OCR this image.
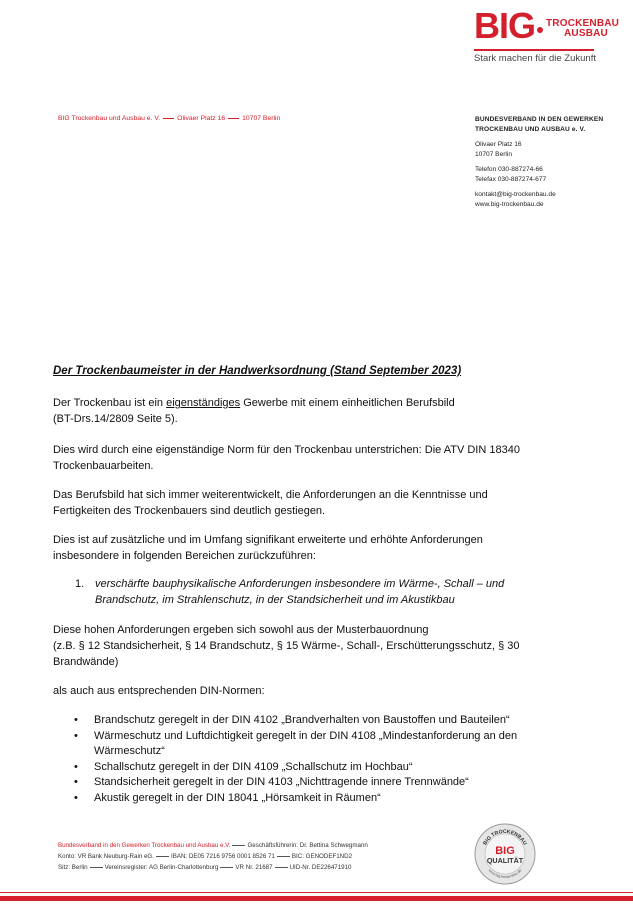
BIG TROCKENBAU
AUSBAU
Stark machen für die Zukunft
BIG Trockenbau und Ausbau e. V.	Olivaer Platz 16	10707 Berlin	BUNDESVERBAND IN DEN GEWERKEN
TROCKENBAU UND AUSBAU e. V.
Olivaer Platz 16
10707 Berlin
Telefon 030-887274-66
Telefax 030-887274-677
kontakt@big-trockenbau.de
www.big-trockenbau.de
Der Trockenbaumeister in der Handwerksordnung (Stand September 2023)
Der Trockenbau ist ein eigenständiges Gewerbe mit einem einheitlichen Berufsbild
(BT-Drs.14/2809 Seite 5).
Dies wird durch eine eigenständige Norm für den Trockenbau unterstrichen: Die ATV DIN 18340
Trockenbauarbeiten.
Das Berufsbild hat sich immer weiterentwickelt, die Anforderungen an die Kenntnisse und
Fertigkeiten des Trockenbauers sind deutlich gestiegen.
Dies ist auf zusätzliche und im Umfang signifikant erweiterte und erhöhte Anforderungen
insbesondere in folgenden Bereichen zurückzuführen:
1. verschärfte bauphysikalische Anforderungen insbesondere im Wärme-, Schall – und
Brandschutz, im Strahlenschutz, in der Standsicherheit und im Akustikbau
Diese hohen Anforderungen ergeben sich sowohl aus der Musterbauordnung
(z.B. § 12 Standsicherheit, § 14 Brandschutz, § 15 Wärme-, Schall-, Erschütterungsschutz, § 30
Brandwände)
als auch aus entsprechenden DIN-Normen:
• Brandschutz geregelt in der DIN 4102 „Brandverhalten von Baustoffen und Bauteilen“
• Wärmeschutz und Luftdichtigkeit geregelt in der DIN 4108 „Mindestanforderung an den
Wärmeschutz“
• Schallschutz geregelt in der DIN 4109 „Schallschutz im Hochbau“
• Standsicherheit geregelt in der DIN 4103 „Nichttragende innere Trennwände“
• Akustik geregelt in der DIN 18041 „Hörsamkeit in Räumen“
Bundesverband in den Gewerken Trockenbau und Ausbau e.V.	Geschäftsführerin: Dr. Bettina Schwegmann
Konto: VR Bank Neuburg-Rain eG.	IBAN: DE05 7216 9756 0001 8526 71	BIC: GENODEF1ND2
Sitz: Berlin	Vereinsregister: AG Berlin-Charlottenburg	VR Nr. 21687	UID-Nr. DE226471910
BIG TROCKENBAU
BIG
QUALITÄT
www.big-trockenbau.de
